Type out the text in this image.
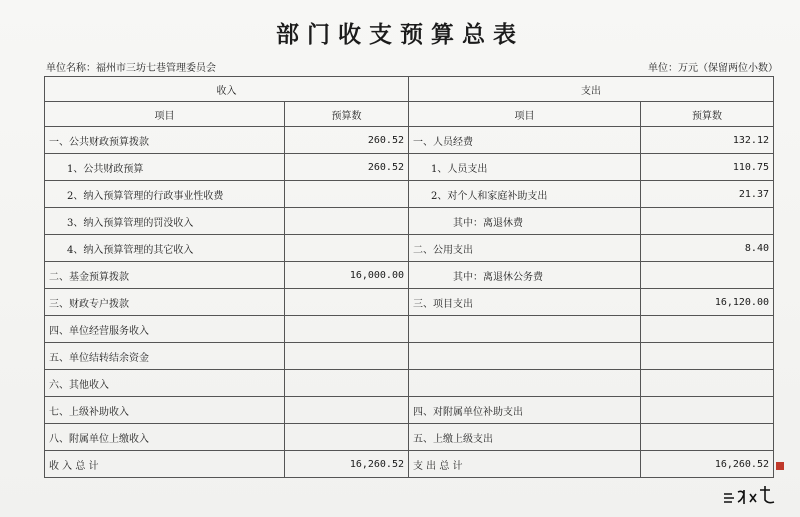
部门收支预算总表
单位名称：福州市三坊七巷管理委员会	单位：万元（保留两位小数）
收入		支出	
项目	预算数	项目	预算数
一、公共财政预算拨款	260.52	一、人员经费	132.12
1、公共财政预算	260.52	1、人员支出	110.75
2、纳入预算管理的行政事业性收费		2、对个人和家庭补助支出	21.37
3、纳入预算管理的罚没收入		其中：离退休费	
4、纳入预算管理的其它收入		二、公用支出	8.40
二、基金预算拨款	16,000.00	其中：离退休公务费	
三、财政专户拨款		三、项目支出	16,120.00
四、单位经营服务收入			
五、单位结转结余资金			
六、其他收入			
七、上级补助收入		四、对附属单位补助支出	
八、附属单位上缴收入		五、上缴上级支出	
收 入 总 计	16,260.52	支 出 总 计	16,260.52
